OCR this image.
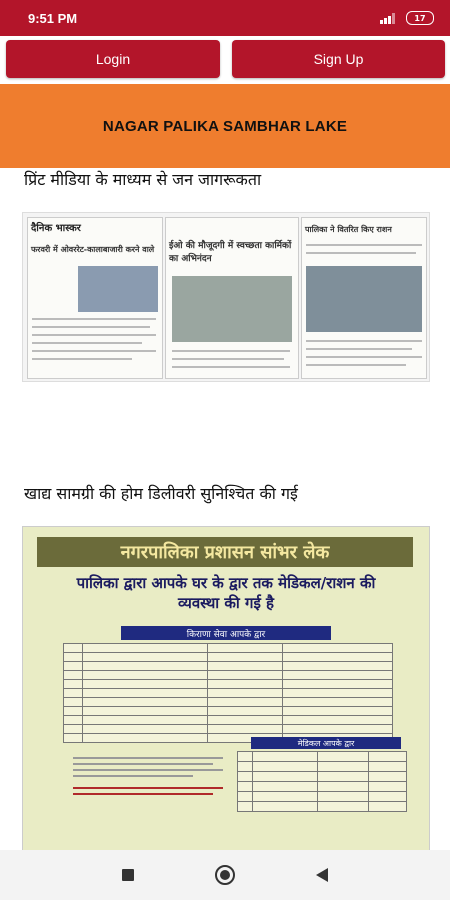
9:51 PM	17
Login	Sign Up
NAGAR PALIKA SAMBHAR LAKE
प्रिंट मीडिया के माध्यम से जन जागरूकता
दैनिक भास्कर
फरवरी में ओवर‍रेट-कालाबाजारी करने वाले ईओ की मौजूदगी में स्वच्छता कार्मिकों का अभिनंदन
पालिका ने वितरित किए राशन
खाद्य सामग्री की होम डिलीवरी सुनिश्चित की गई
नगरपालिका प्रशासन सांभर लेक
पालिका द्वारा आपके घर के द्वार तक मेडिकल/राशन की
व्यवस्था की गई है
किराणा सेवा आपके द्वार

मेडिकल आपके द्वार
